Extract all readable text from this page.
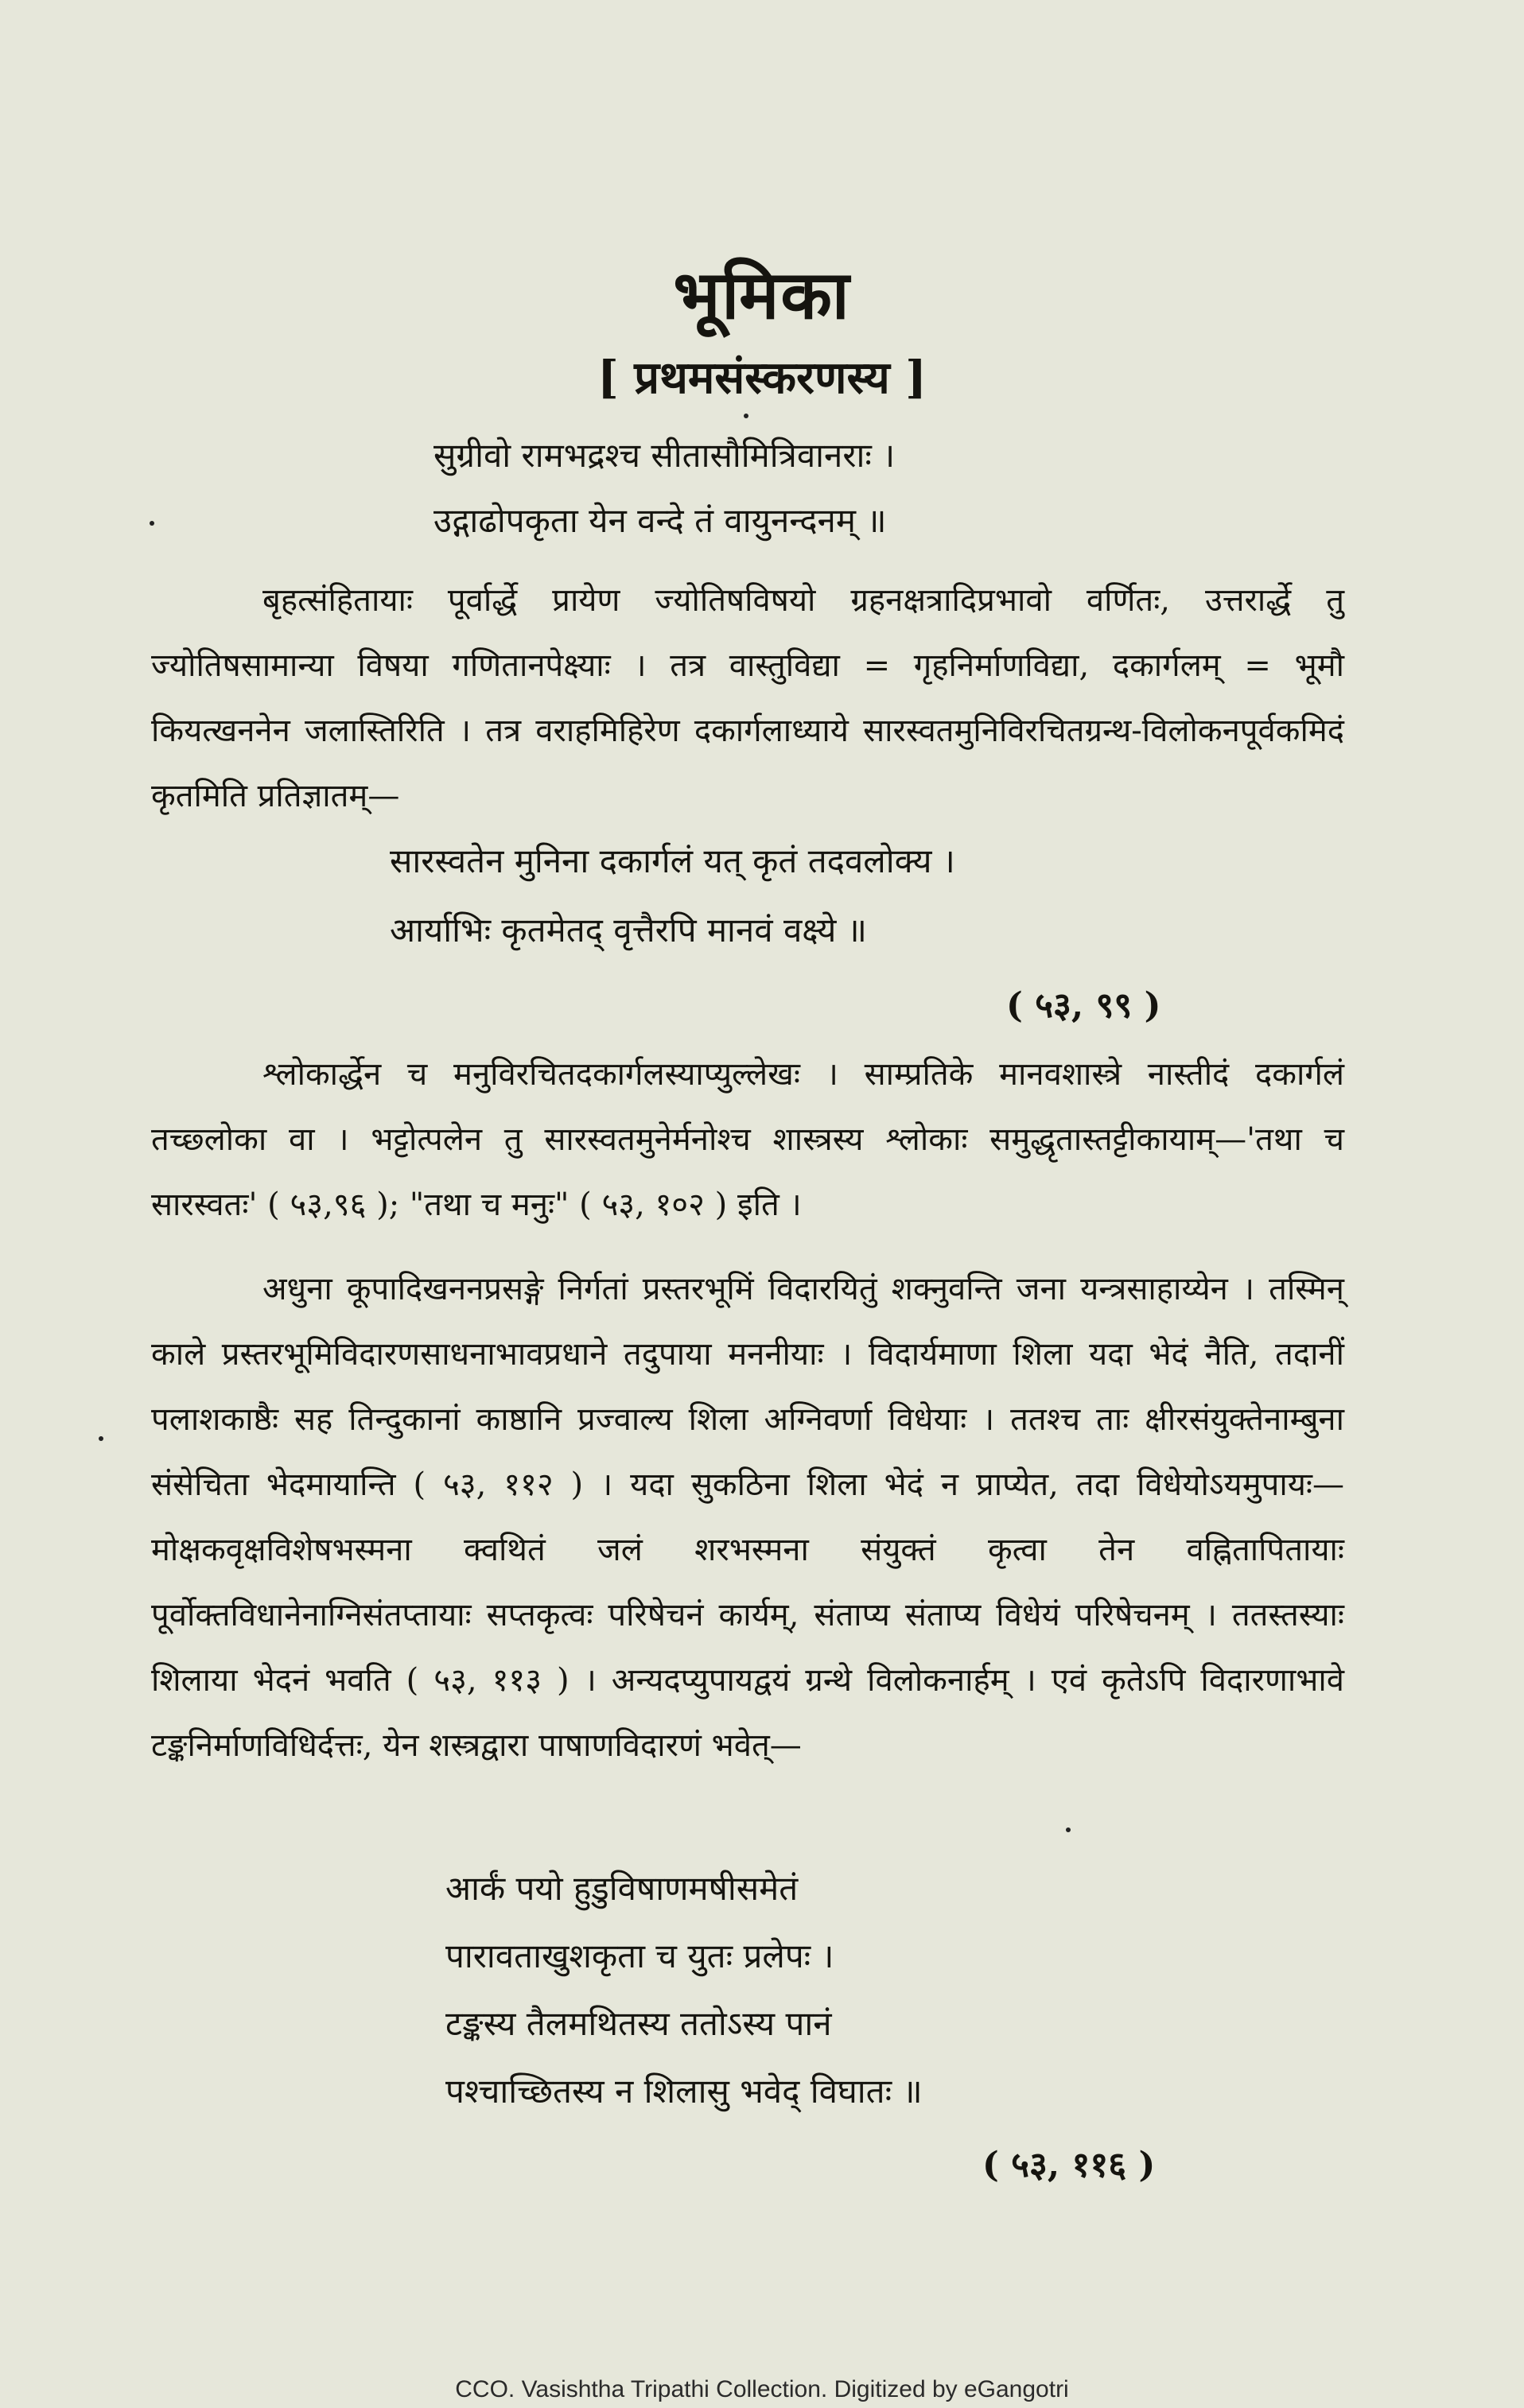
भूमिका
[ प्रथमसंस्करणस्य ]
सुग्रीवो रामभद्रश्च सीतासौमित्रिवानराः ।
उद्गाढोपकृता येन वन्दे तं वायुनन्दनम् ॥

बृहत्संहितायाः पूर्वार्द्धे प्रायेण ज्योतिषविषयो ग्रहनक्षत्रादिप्रभावो वर्णितः, उत्तरार्द्धे तु ज्योतिषसामान्या विषया गणितानपेक्ष्याः । तत्र वास्तुविद्या = गृहनिर्माणविद्या, दकार्गलम् = भूमौ कियत्खननेन जलास्तिरिति । तत्र वराहमिहिरेण दकार्गलाध्याये सारस्वतमुनिविरचितग्रन्थ-विलोकनपूर्वकमिदं कृतमिति प्रतिज्ञातम्—

सारस्वतेन मुनिना दकार्गलं यत् कृतं तदवलोक्य ।
आर्याभिः कृतमेतद् वृत्तैरपि मानवं वक्ष्ये ॥
( ५३, ९९ )

श्लोकार्द्धेन च मनुविरचितदकार्गलस्याप्युल्लेखः । साम्प्रतिके मानवशास्त्रे नास्तीदं दकार्गलं तच्छ्लोका वा । भट्टोत्पलेन तु सारस्वतमुनेर्मनोश्च शास्त्रस्य श्लोकाः समुद्धृतास्तट्टीकायाम्—'तथा च सारस्वतः' ( ५३,९६ ); "तथा च मनुः" ( ५३, १०२ ) इति ।

अधुना कूपादिखननप्रसङ्गे निर्गतां प्रस्तरभूमिं विदारयितुं शक्नुवन्ति जना यन्त्रसाहाय्येन । तस्मिन् काले प्रस्तरभूमिविदारणसाधनाभावप्रधाने तदुपाया मननीयाः । विदार्यमाणा शिला यदा भेदं नैति, तदानीं पलाशकाष्ठैः सह तिन्दुकानां काष्ठानि प्रज्वाल्य शिला अग्निवर्णा विधेयाः । ततश्च ताः क्षीरसंयुक्तेनाम्बुना संसेचिता भेदमायान्ति ( ५३, ११२ ) । यदा सुकठिना शिला भेदं न प्राप्येत, तदा विधेयोऽयमुपायः—मोक्षकवृक्षविशेषभस्मना क्वथितं जलं शरभस्मना संयुक्तं कृत्वा तेन वह्नितापितायाः पूर्वोक्तविधानेनाग्निसंतप्तायाः सप्तकृत्वः परिषेचनं कार्यम्, संताप्य संताप्य विधेयं परिषेचनम् । ततस्तस्याः शिलाया भेदनं भवति ( ५३, ११३ ) । अन्यदप्युपायद्वयं ग्रन्थे विलोकनार्हम् । एवं कृतेऽपि विदारणाभावे टङ्कनिर्माणविधिर्दत्तः, येन शस्त्रद्वारा पाषाणविदारणं भवेत्—

आर्कं पयो हुडुविषाणमषीसमेतं
पारावताखुशकृता च युतः प्रलेपः ।
टङ्कस्य तैलमथितस्य ततोऽस्य पानं
पश्चाच्छितस्य न शिलासु भवेद् विघातः ॥
( ५३, ११६ )
CCO. Vasishtha Tripathi Collection. Digitized by eGangotri
